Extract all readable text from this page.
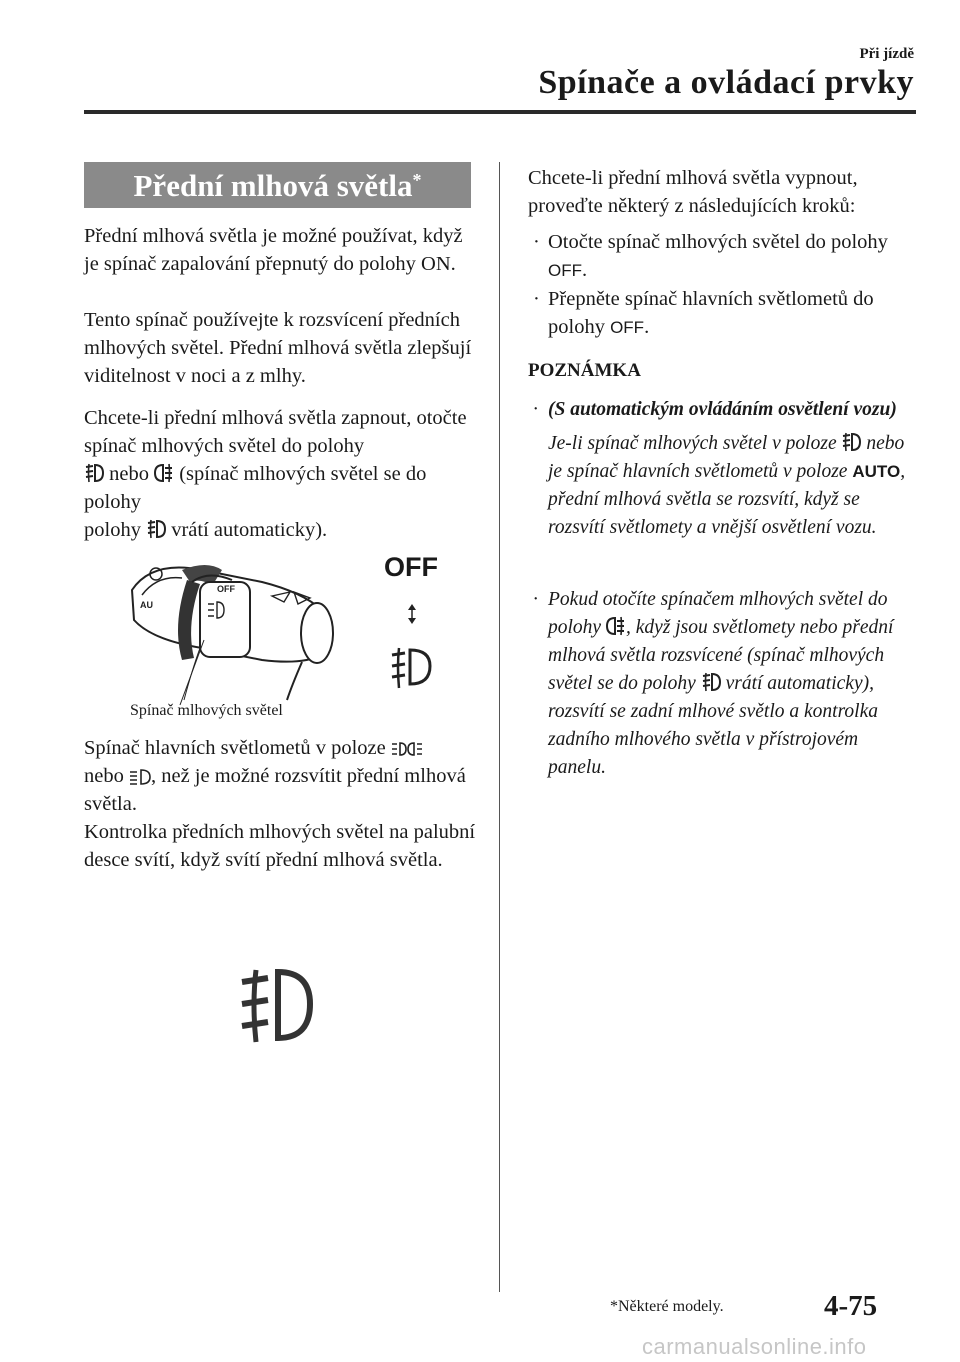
Při jízdě
Spínače a ovládací prvky
Přední mlhová světla*
Přední mlhová světla je možné používat, když je spínač zapalování přepnutý do polohy ON.
Tento spínač používejte k rozsvícení předních mlhových světel. Přední mlhová světla zlepšují viditelnost v noci a z mlhy.
Chcete-li přední mlhová světla zapnout, otočte spínač mlhových světel do polohy

nebo (spínač mlhových světel se do polohy
polohy
vrátí automaticky).
OFF
AU
OFF
Spínač mlhových světel
Spínač hlavních světlometů v poloze

nebo , než je možné rozsvítit přední mlhová světla.
Kontrolka předních mlhových světel na palubní desce svítí, když svítí přední mlhová světla.
Chcete-li přední mlhová světla vypnout, proveďte některý z následujících kroků:
· Otočte spínač mlhových světel do polohy OFF.
· Přepněte spínač hlavních světlometů do polohy OFF.
POZNÁMKA
· (S automatickým ovládáním osvětlení vozu)
Je-li spínač mlhových světel v poloze nebo je spínač hlavních světlometů v poloze AUTO, přední mlhová světla se rozsvítí, když se rozsvítí světlomety a vnější osvětlení vozu.
· Pokud otočíte spínačem mlhových světel do polohy , když jsou světlomety nebo přední mlhová světla rozsvícené (spínač mlhových světel se do polohy vrátí automaticky), rozsvítí se zadní mlhové světlo a kontrolka zadního mlhového světla v přístrojovém panelu.
*Některé modely.	4-75
carmanualsonline.info
